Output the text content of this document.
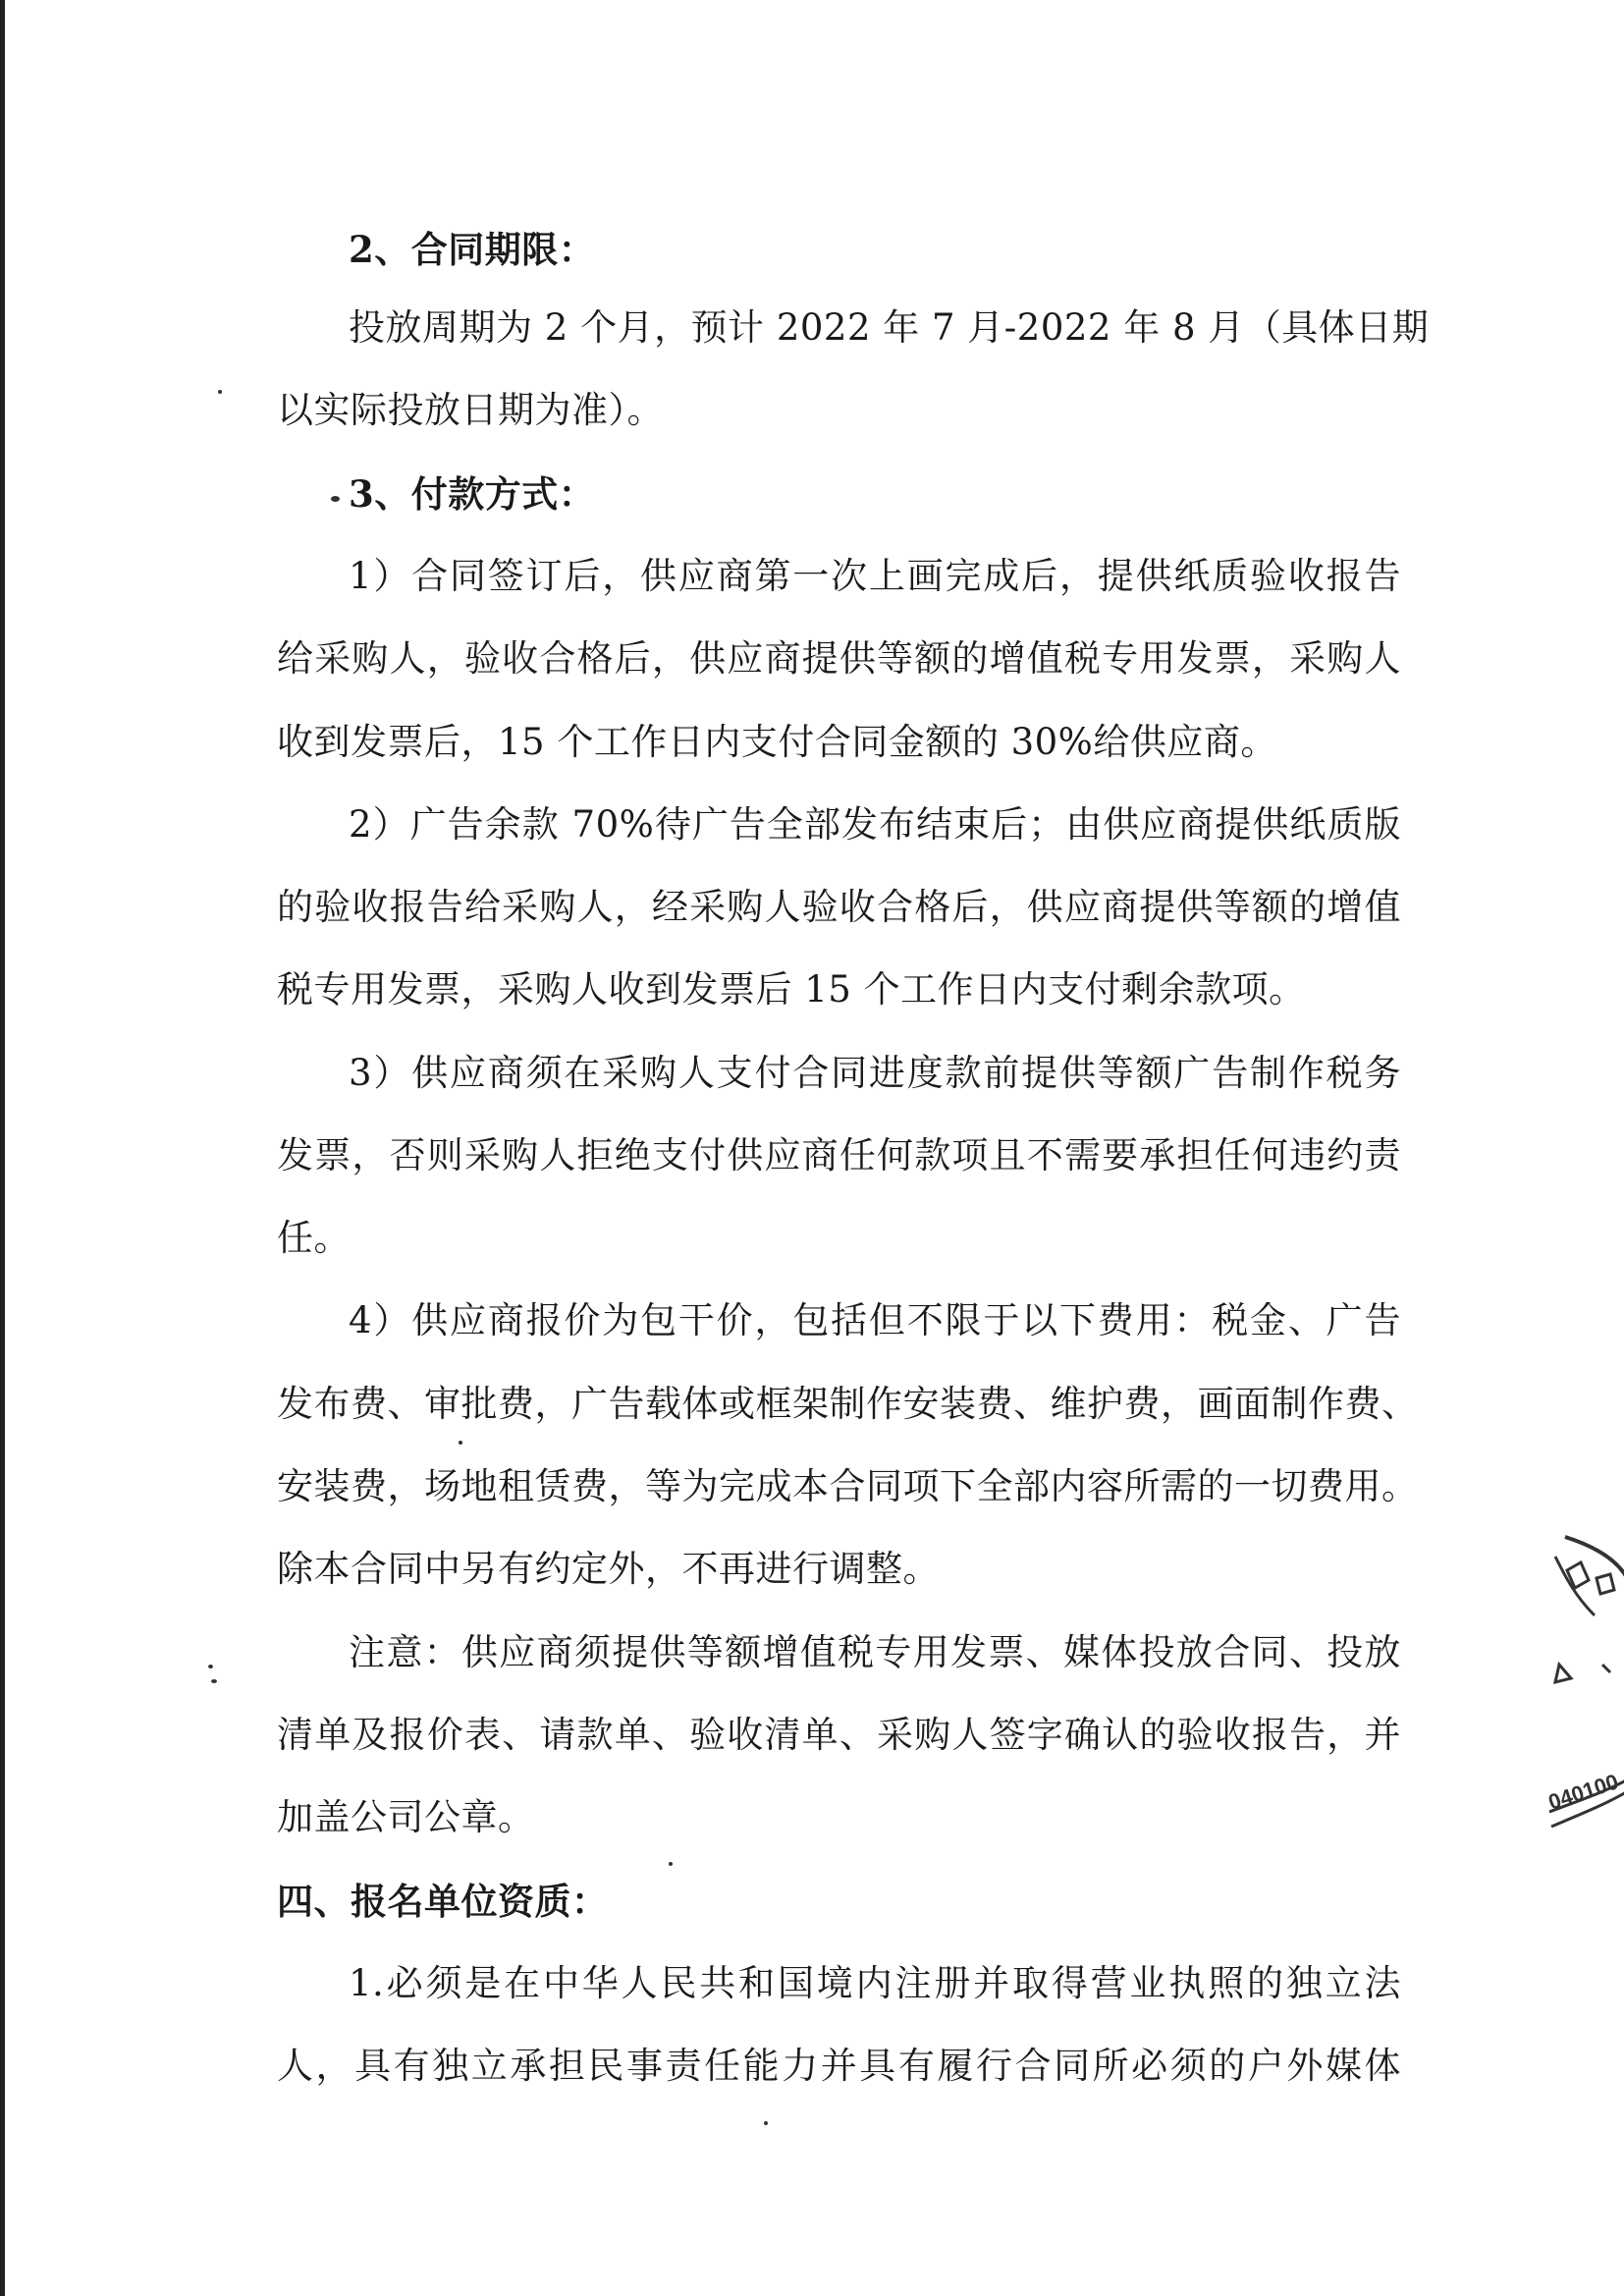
2、合同期限：
投放周期为 2 个月，预计 2022 年 7 月-2022 年 8 月（具体日期
以实际投放日期为准）。
3、付款方式：
1）合同签订后，供应商第一次上画完成后，提供纸质验收报告
给采购人，验收合格后，供应商提供等额的增值税专用发票，采购人
收到发票后，15 个工作日内支付合同金额的 30%给供应商。
2）广告余款 70%待广告全部发布结束后；由供应商提供纸质版
的验收报告给采购人，经采购人验收合格后，供应商提供等额的增值
税专用发票，采购人收到发票后 15 个工作日内支付剩余款项。
3）供应商须在采购人支付合同进度款前提供等额广告制作税务
发票，否则采购人拒绝支付供应商任何款项且不需要承担任何违约责
任。
4）供应商报价为包干价，包括但不限于以下费用：税金、广告
发布费、审批费，广告载体或框架制作安装费、维护费，画面制作费、
安装费，场地租赁费，等为完成本合同项下全部内容所需的一切费用。
除本合同中另有约定外，不再进行调整。
注意：供应商须提供等额增值税专用发票、媒体投放合同、投放
清单及报价表、请款单、验收清单、采购人签字确认的验收报告，并
加盖公司公章。
四、报名单位资质：
1.必须是在中华人民共和国境内注册并取得营业执照的独立法
人，具有独立承担民事责任能力并具有履行合同所必须的户外媒体
040100
